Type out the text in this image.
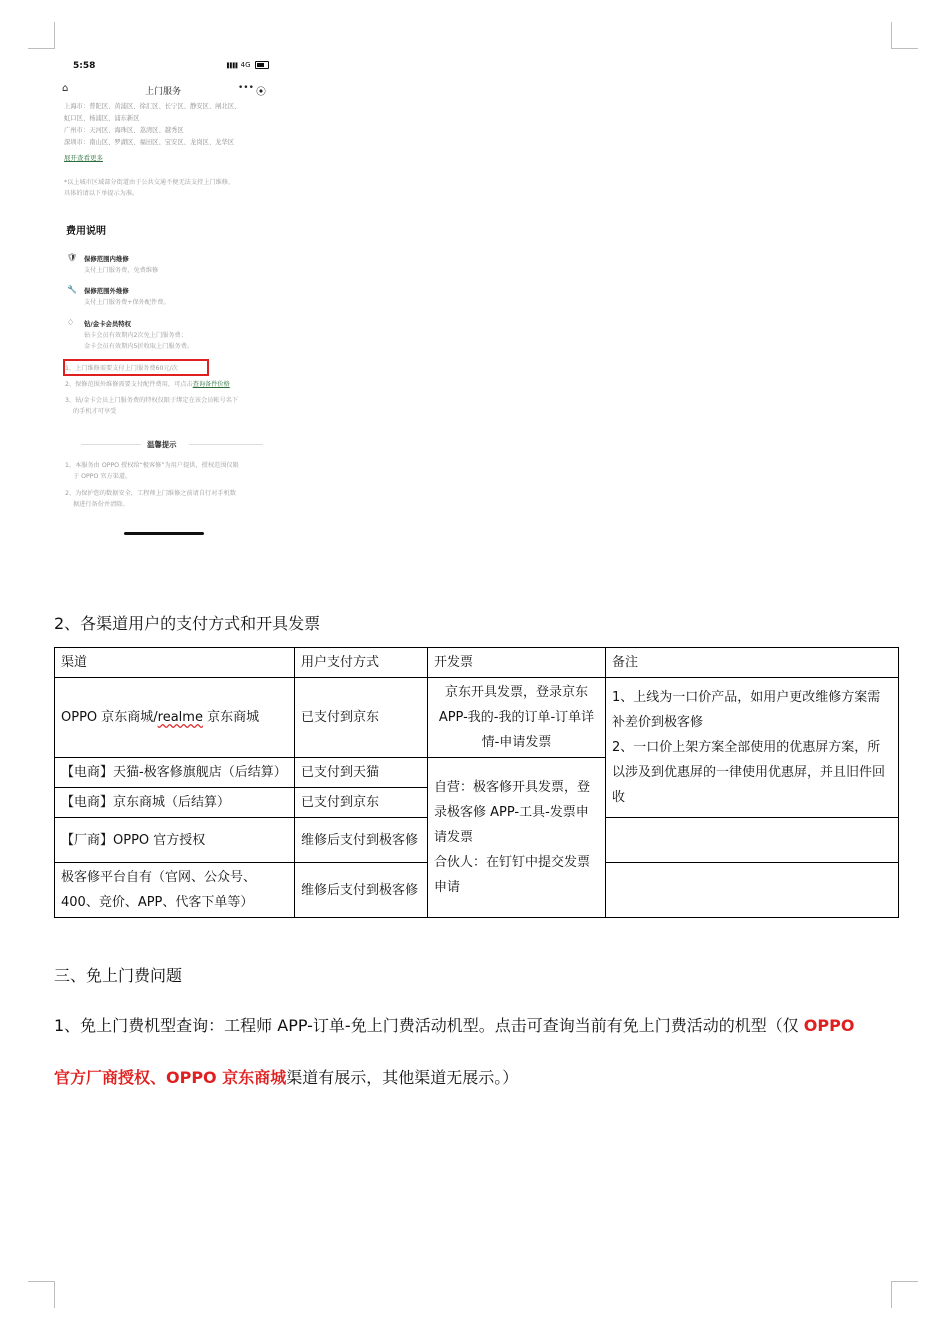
5:58	▌▌▌▌ 4G
⌂	上门服务	••• ⦿
上海市：普陀区、黄浦区、徐汇区、长宁区、静安区、闸北区、
虹口区、杨浦区、浦东新区
广州市：天河区、海珠区、荔湾区、越秀区
深圳市：南山区、罗湖区、福田区、宝安区、龙岗区、龙华区
展开查看更多
*以上城市区域部分街道由于公共交通不便无法支持上门维修，
具体的请以下单提示为准。
费用说明
🛡 保修范围内维修
支付上门服务费，免费维修
🔧 保修范围外维修
支付上门服务费+保外配件费。
♢ 钻/金卡会员特权
钻卡会员有效期内2次免上门服务费；
金卡会员有效期内5折收取上门服务费。
1、上门维修需要支付上门服务费60元/次
2、保修范围外维修需要支付配件费用，可点击查询备件价格
3、钻/金卡会员上门服务费的特权仅限于绑定在该会员帐号名下
的手机才可享受
温馨提示
1、本服务由 OPPO 授权给“极客修”为用户提供，授权范围仅限
于 OPPO 官方渠道。
2、为保护您的数据安全，工程师上门维修之前请自行对手机数
据进行备份并清除。
2、各渠道用户的支付方式和开具发票
渠道	用户支付方式	开发票	备注
OPPO 京东商城/realme 京东商城	已支付到京东	京东开具发票，登录京东 APP-我的-我的订单-订单详情-申请发票	1、上线为一口价产品，如用户更改维修方案需补差价到极客修
2、一口价上架方案全部使用的优惠屏方案，所以涉及到优惠屏的一律使用优惠屏，并且旧件回收

【电商】天猫-极客修旗舰店（后结算）	已支付到天猫	自营：极客修开具发票，登录极客修 APP-工具-发票申请发票
合伙人：在钉钉中提交发票申请	

【电商】京东商城（后结算）	已支付到京东		
【厂商】OPPO 官方授权	维修后支付到极客修		
极客修平台自有（官网、公众号、400、竞价、APP、代客下单等）	维修后支付到极客修		
三、免上门费问题
1、免上门费机型查询：工程师 APP-订单-免上门费活动机型。点击可查询当前有免上门费活动的机型（仅 OPPO
官方厂商授权、OPPO 京东商城渠道有展示，其他渠道无展示。）
